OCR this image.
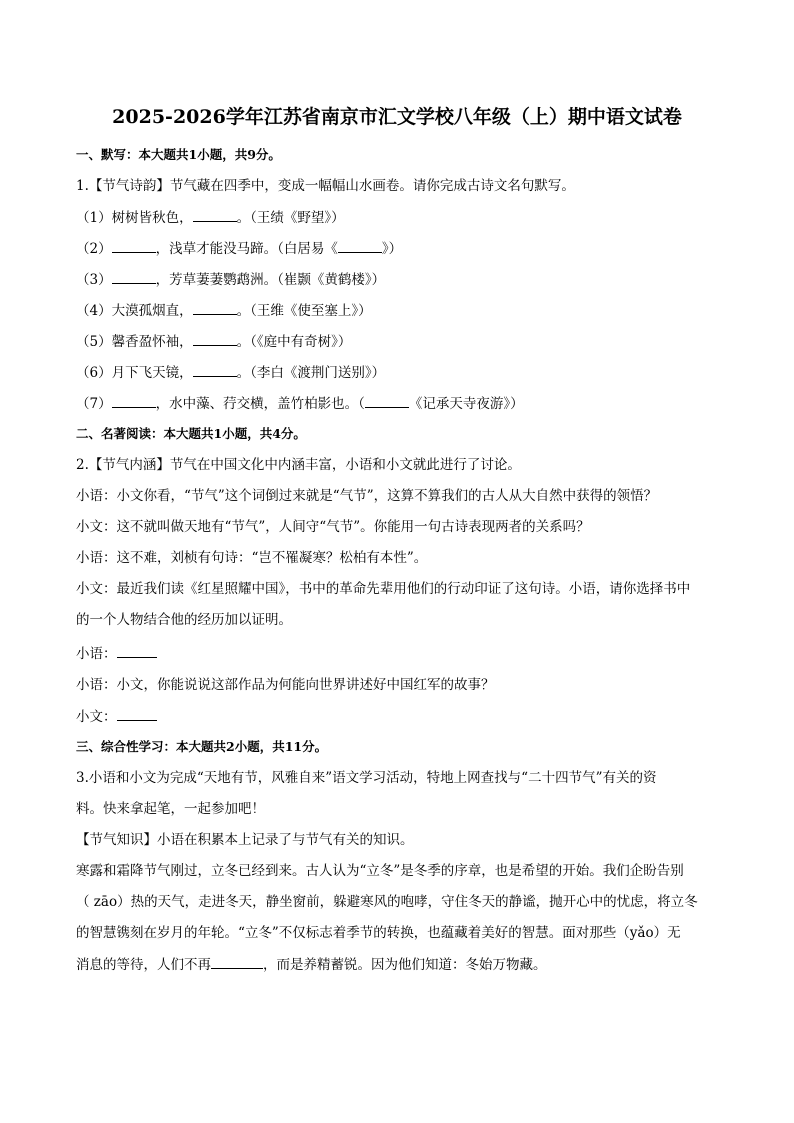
2025-2026学年江苏省南京市汇文学校八年级（上）期中语文试卷

一、默写：本大题共1小题，共9分。

1.【节气诗韵】节气藏在四季中，变成一幅幅山水画卷。请你完成古诗文名句默写。

（1）树树皆秋色，	。（王绩《野望》）

（2）	，浅草才能没马蹄。（白居易《	》）

（3）	，芳草萋萋鹦鹉洲。（崔颢《黄鹤楼》）

（4）大漠孤烟直，	。（王维《使至塞上》）

（5）馨香盈怀袖，	。（《庭中有奇树》）

（6）月下飞天镜，	。（李白《渡荆门送别》）

（7）	，水中藻、荇交横，盖竹柏影也。（	《记承天寺夜游》）

二、名著阅读：本大题共1小题，共4分。

2.【节气内涵】节气在中国文化中内涵丰富，小语和小文就此进行了讨论。

小语：小文你看，“节气”这个词倒过来就是“气节”，这算不算我们的古人从大自然中获得的领悟？

小文：这不就叫做天地有“节气”，人间守“气节”。你能用一句古诗表现两者的关系吗？

小语：这不难，刘桢有句诗：“岂不罹凝寒？松柏有本性”。

小文：最近我们读《红星照耀中国》，书中的革命先辈用他们的行动印证了这句诗。小语，请你选择书中

的一个人物结合他的经历加以证明。

小语：

小语：小文，你能说说这部作品为何能向世界讲述好中国红军的故事？

小文：

三、综合性学习：本大题共2小题，共11分。

3.小语和小文为完成“天地有节，风雅自来”语文学习活动，特地上网查找与“二十四节气”有关的资

料。快来拿起笔，一起参加吧！

【节气知识】小语在积累本上记录了与节气有关的知识。

寒露和霜降节气刚过，立冬已经到来。古人认为“立冬”是冬季的序章，也是希望的开始。我们企盼告别

（ zāo）热的天气，走进冬天，静坐窗前，躲避寒风的咆哮，守住冬天的静谧，抛开心中的忧虑，将立冬

的智慧镌刻在岁月的年轮。“立冬”不仅标志着季节的转换，也蕴藏着美好的智慧。面对那些（yǎo）无

消息的等待，人们不再	，而是养精蓄锐。因为他们知道：冬始万物藏。
